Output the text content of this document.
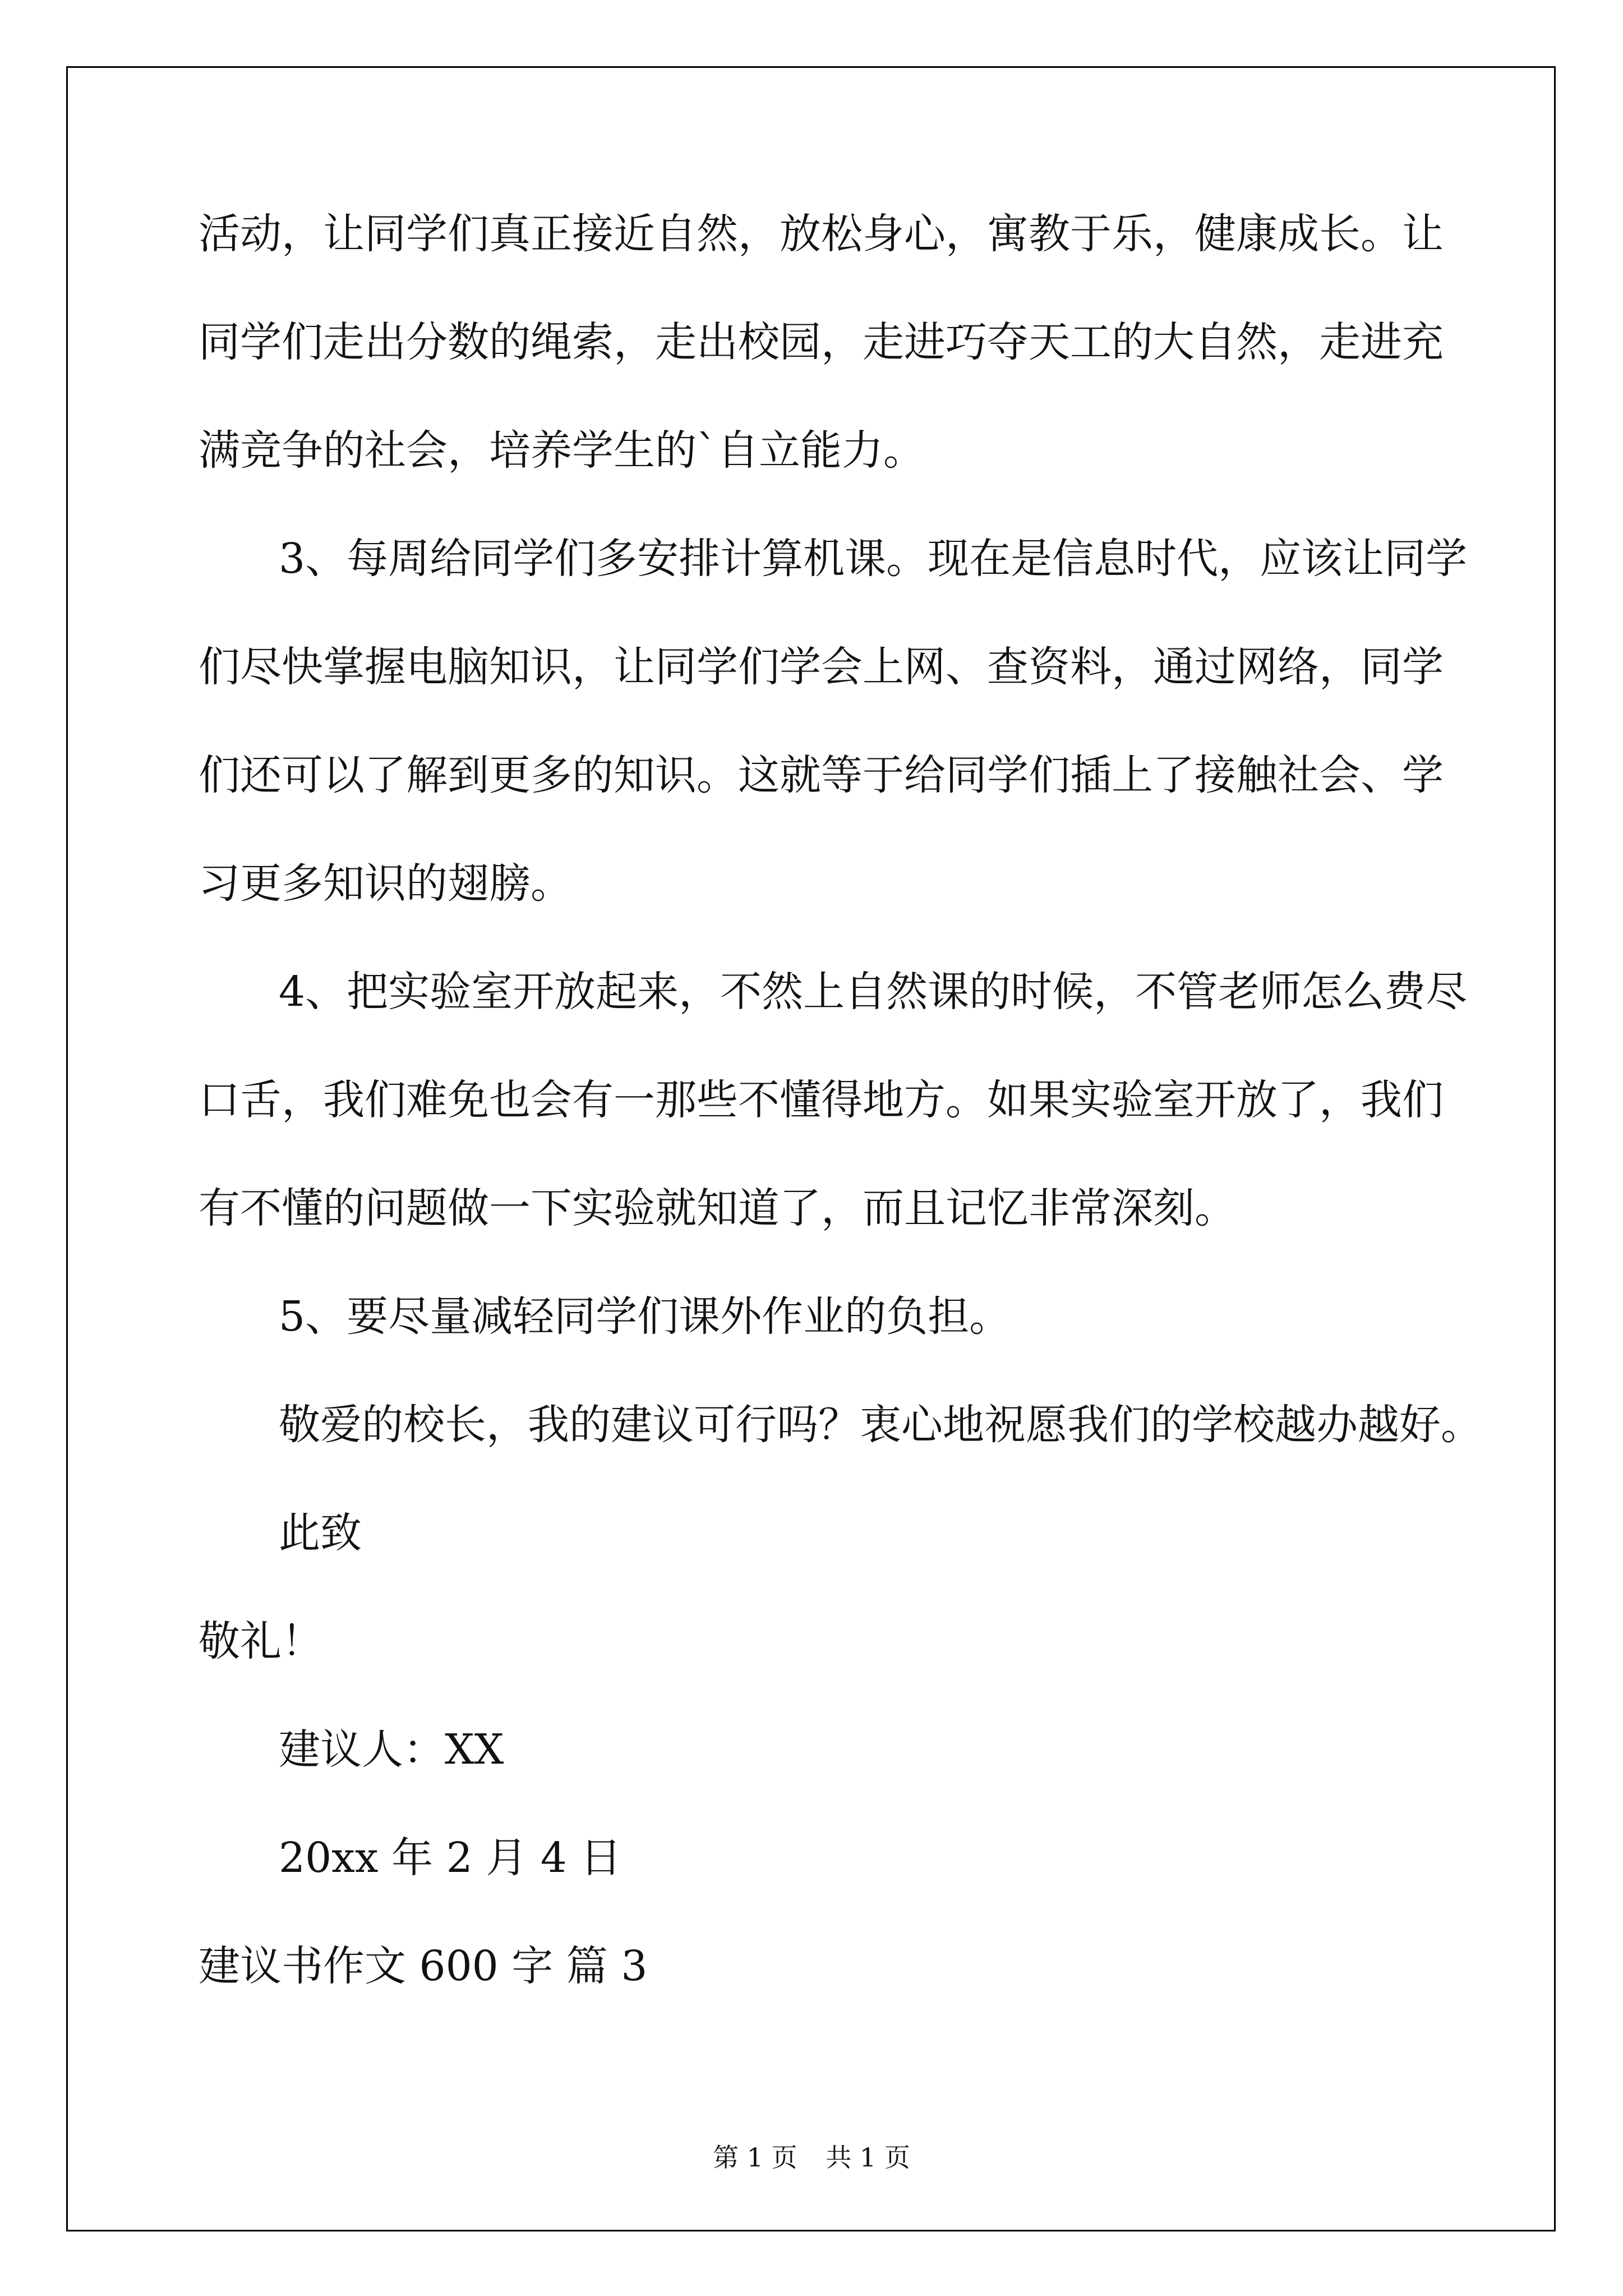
活动，让同学们真正接近自然，放松身心，寓教于乐，健康成长。让
同学们走出分数的绳索，走出校园，走进巧夺天工的大自然，走进充
满竞争的社会，培养学生的`自立能力。
3、每周给同学们多安排计算机课。现在是信息时代，应该让同学
们尽快掌握电脑知识，让同学们学会上网、查资料，通过网络，同学
们还可以了解到更多的知识。这就等于给同学们插上了接触社会、学
习更多知识的翅膀。
4、把实验室开放起来，不然上自然课的时候，不管老师怎么费尽
口舌，我们难免也会有一那些不懂得地方。如果实验室开放了，我们
有不懂的问题做一下实验就知道了，而且记忆非常深刻。
5、要尽量减轻同学们课外作业的负担。
敬爱的校长，我的建议可行吗？衷心地祝愿我们的学校越办越好。
此致
敬礼！
建议人：XX
20xx 年 2 月 4 日
建议书作文 600 字 篇 3
第 1 页 共 1 页
